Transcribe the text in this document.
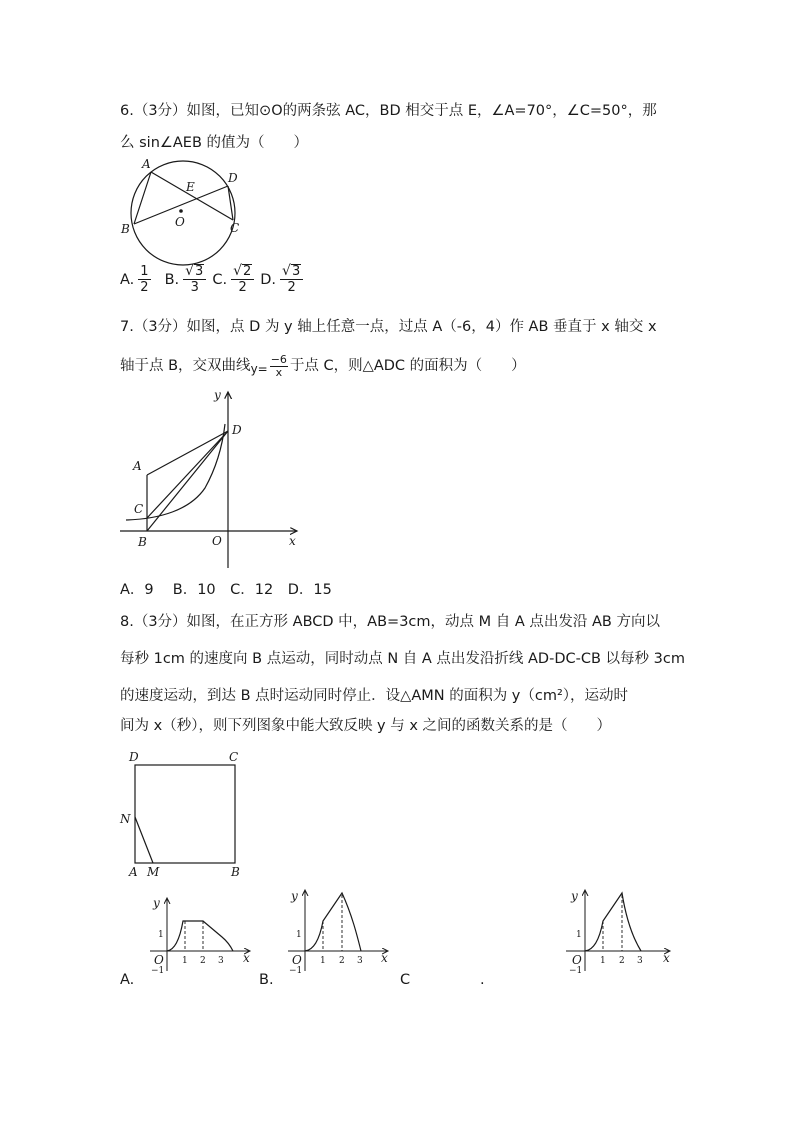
6.（3分）如图，已知⊙O的两条弦 AC，BD 相交于点 E，∠A=70°，∠C=50°，那
么 sin∠AEB 的值为（　　）
A
B	C
D
E
O
A. $\frac{1}{2} B$. $\frac{√ 3}{3} C$. $\frac{√ 2}{2} D$. $\frac{√ 3}{2}$
7.（3分）如图，点 D 为 y 轴上任意一点，过点 A（-6，4）作 AB 垂直于 x 轴交 x
轴于点 B，交双曲线 $y= \frac{-6}{x}$ 于点 C，则△ADC 的面积为（　　）
y
x
A
C
B	O
D
A．9　 B．10　C．12　D．15
8.（3分）如图，在正方形 ABCD 中，AB=3cm，动点 M 自 A 点出发沿 AB 方向以
每秒 1cm 的速度向 B 点运动，同时动点 N 自 A 点出发沿折线 AD-DC-CB 以每秒 3cm
的速度运动，到达 B 点时运动同时停止．设△AMN 的面积为 y（cm²），运动时
间为 x（秒），则下列图象中能大致反映 y 与 x 之间的函数关系的是（　　）
D	C
N
A M	B
y
x
O
1
−1
1 2 3
y
x
O
1
−1
1 2 3
y
x
O
1
−1
1 2 3
A.	B.	C	.
